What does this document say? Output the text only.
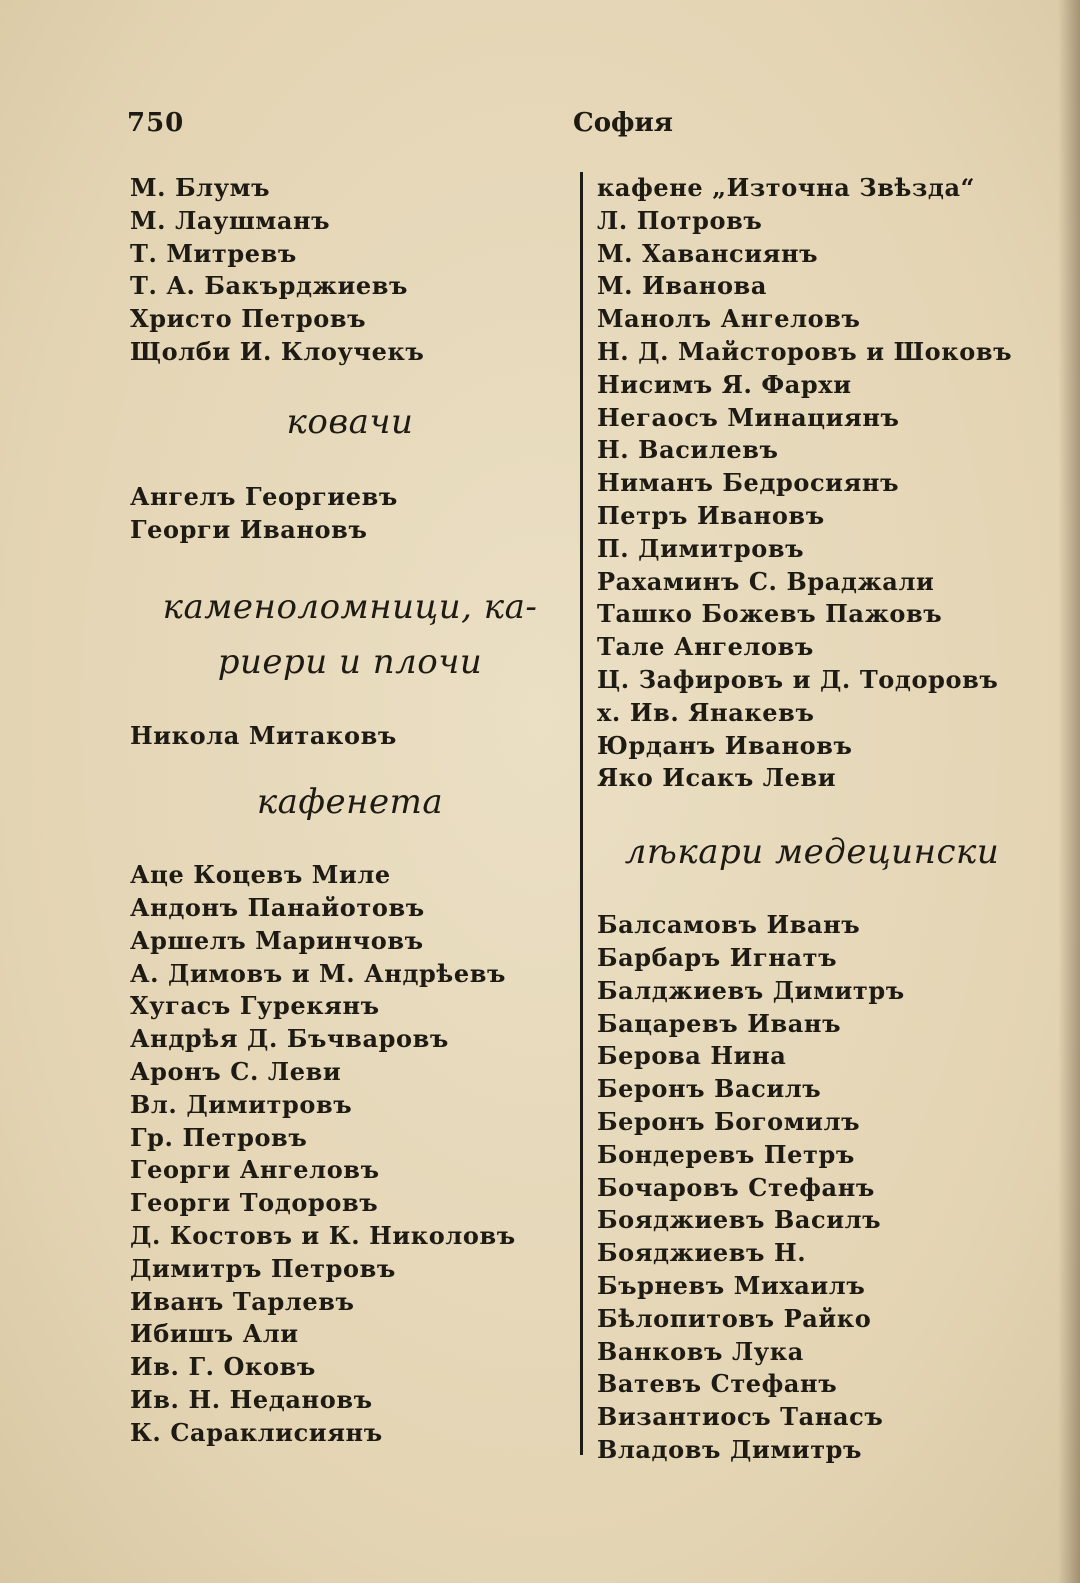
750	София
М. Блумъ
М. Лаушманъ
Т. Митревъ
Т. А. Бакърджиевъ
Христо Петровъ
Щолби И. Клоучекъ
ковачи
Ангелъ Георгиевъ
Георги Ивановъ
каменоломници, ка-
риери и плочи
Никола Митаковъ
кафенета
Аце Коцевъ Миле
Андонъ Панайотовъ
Аршелъ Маринчовъ
А. Димовъ и М. Андрѣевъ
Хугасъ Гурекянъ
Андрѣя Д. Бъчваровъ
Аронъ С. Леви
Вл. Димитровъ
Гр. Петровъ
Георги Ангеловъ
Георги Тодоровъ
Д. Костовъ и К. Николовъ
Димитръ Петровъ
Иванъ Тарлевъ
Ибишъ Али
Ив. Г. Оковъ
Ив. Н. Недановъ
К. Сараклисиянъ
кафене „Източна Звѣзда“
Л. Потровъ
М. Хавансиянъ
М. Иванова
Манолъ Ангеловъ
Н. Д. Майсторовъ и Шоковъ
Нисимъ Я. Фархи
Негаосъ Минациянъ
Н. Василевъ
Ниманъ Бедросиянъ
Петръ Ивановъ
П. Димитровъ
Рахаминъ С. Враджали
Ташко Божевъ Пажовъ
Тале Ангеловъ
Ц. Зафировъ и Д. Тодоровъ
х. Ив. Янакевъ
Юрданъ Ивановъ
Яко Исакъ Леви
лѣкари медецински
Балсамовъ Иванъ
Барбаръ Игнатъ
Балджиевъ Димитръ
Бацаревъ Иванъ
Берова Нина
Беронъ Василъ
Беронъ Богомилъ
Бондеревъ Петръ
Бочаровъ Стефанъ
Бояджиевъ Василъ
Бояджиевъ Н.
Бърневъ Михаилъ
Бѣлопитовъ Райко
Ванковъ Лука
Ватевъ Стефанъ
Византиосъ Танасъ
Владовъ Димитръ
